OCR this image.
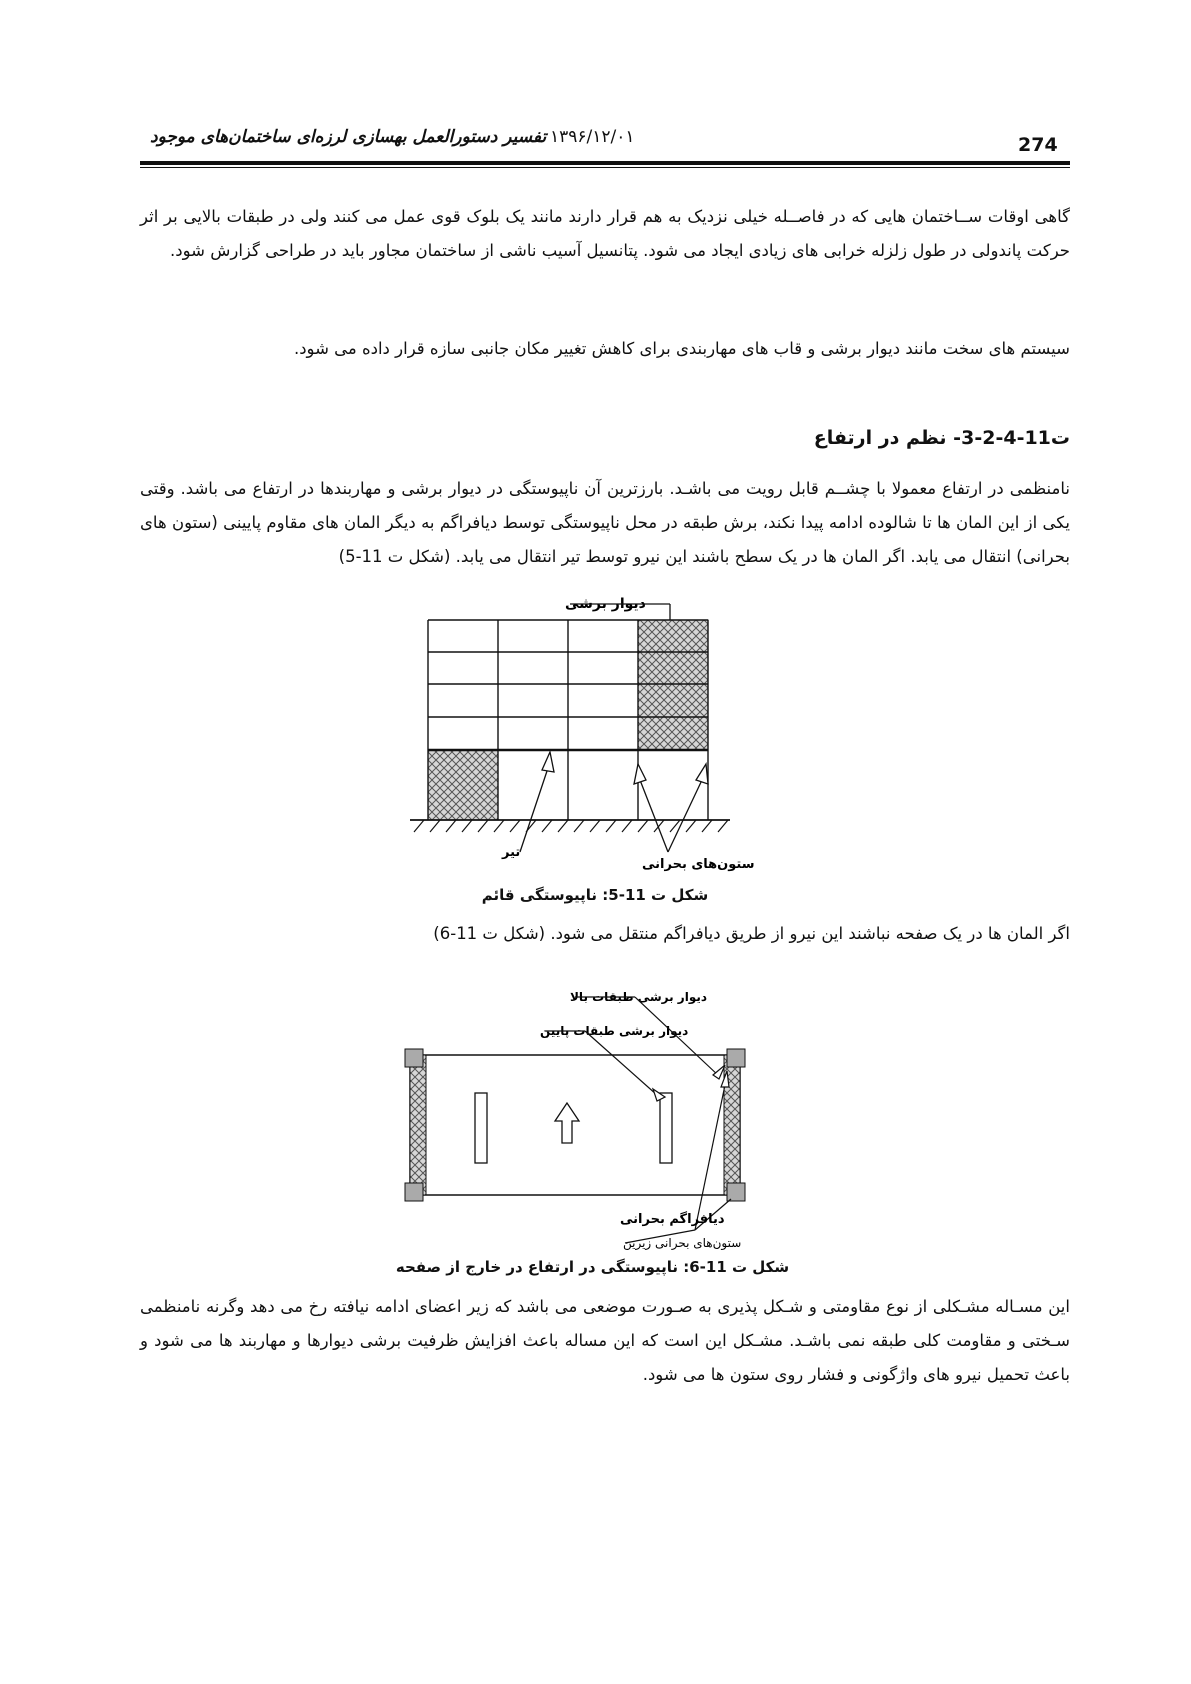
تفسیر دستورالعمل بهسازی لرزه‌ای ساختمان‌های موجود ۱۳۹۶/۱۲/۰۱	274
گاهی اوقات ســاختمان هایی که در فاصــله خیلی نزدیک به هم قرار دارند مانند یک بلوک قوی عمل می کنند ولی در طبقات بالایی بر اثر حرکت پاندولی در طول زلزله خرابی های زیادی ایجاد می شود. پتانسیل آسیب ناشی از ساختمان مجاور باید در طراحی گزارش شود.
سیستم های سخت مانند دیوار برشی و قاب های مهاربندی برای کاهش تغییر مکان جانبی سازه قرار داده می شود.
ت11-4-2-3- نظم در ارتفاع
نامنظمی در ارتفاع معمولا با چشــم قابل رویت می باشـد. بارزترین آن ناپیوستگی در دیوار برشی و مهاربندها در ارتفاع می باشد. وقتی یکی از این المان ها تا شالوده ادامه پیدا نکند، برش طبقه در محل ناپیوستگی توسط دیافراگم به دیگر المان های مقاوم پایینی (ستون های بحرانی) انتقال می یابد. اگر المان ها در یک سطح باشند این نیرو توسط تیر انتقال می یابد. (شکل ت 11-5)
دیوار برشی
تیر
ستون‌های بحرانی
شکل ت 11-5: ناپیوستگی قائم
اگر المان ها در یک صفحه نباشند این نیرو از طریق دیافراگم منتقل می شود. (شکل ت 11-6)
دیوار برشی طبقات بالا
دیوار برشی طبقات پایین
دیافراگم بحرانی
ستون‌های بحرانی زیرین
شکل ت 11-6: ناپیوستگی در ارتفاع در خارج از صفحه
این مسـاله مشـکلی از نوع مقاومتی و شـکل پذیری به صـورت موضعی می باشد که زیر اعضای ادامه نیافته رخ می دهد وگرنه نامنظمی سـختی و مقاومت کلی طبقه نمی باشـد. مشـکل این است که این مساله باعث افزایش ظرفیت برشی دیوارها و مهاربند ها می شود و باعث تحمیل نیرو های واژگونی و فشار روی ستون ها می شود.
